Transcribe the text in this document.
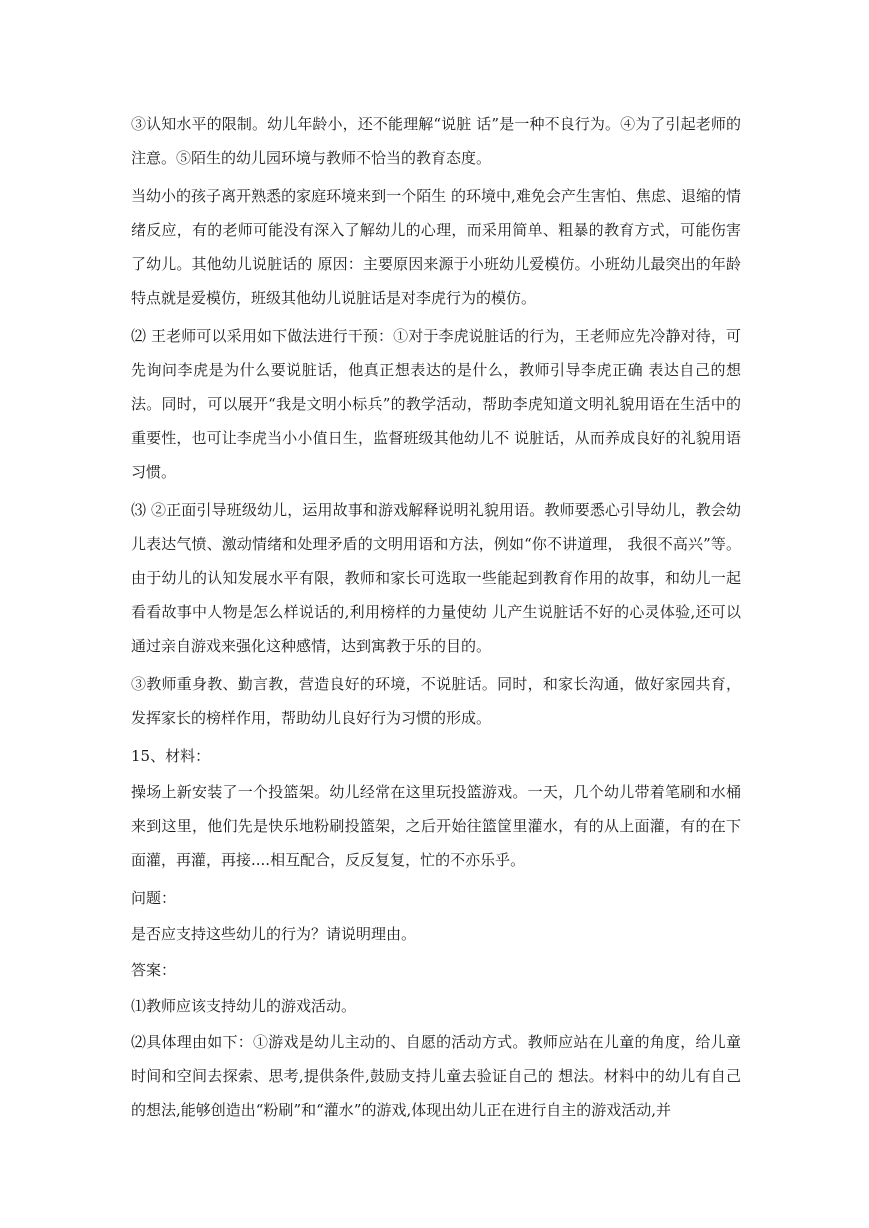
③认知水平的限制。幼儿年龄小，还不能理解“说脏 话”是一种不良行为。④为了引起老师的注意。⑤陌生的幼儿园环境与教师不恰当的教育态度。

当幼小的孩子离开熟悉的家庭环境来到一个陌生 的环境中,难免会产生害怕、焦虑、退缩的情绪反应，有的老师可能没有深入了解幼儿的心理，而采用简单、粗暴的教育方式，可能伤害了幼儿。其他幼儿说脏话的 原因：主要原因来源于小班幼儿爱模仿。小班幼儿最突出的年龄特点就是爱模仿，班级其他幼儿说脏话是对李虎行为的模仿。

⑵ 王老师可以采用如下做法进行干预：①对于李虎说脏话的行为，王老师应先冷静对待，可先询问李虎是为什么要说脏话，他真正想表达的是什么，教师引导李虎正确 表达自己的想法。同时，可以展开“我是文明小标兵”的教学活动，帮助李虎知道文明礼貌用语在生活中的重要性，也可让李虎当小小值日生，监督班级其他幼儿不 说脏话，从而养成良好的礼貌用语习惯。

⑶ ②正面引导班级幼儿，运用故事和游戏解释说明礼貌用语。教师要悉心引导幼儿，教会幼儿表达气愤、激动情绪和处理矛盾的文明用语和方法，例如“你不讲道理， 我很不高兴”等。由于幼儿的认知发展水平有限，教师和家长可选取一些能起到教育作用的故事，和幼儿一起看看故事中人物是怎么样说话的,利用榜样的力量使幼 儿产生说脏话不好的心灵体验,还可以通过亲自游戏来强化这种感情，达到寓教于乐的目的。

③教师重身教、勤言教，营造良好的环境，不说脏话。同时，和家长沟通，做好家园共育，发挥家长的榜样作用，帮助幼儿良好行为习惯的形成。

15、材料：

操场上新安装了一个投篮架。幼儿经常在这里玩投篮游戏。一天，几个幼儿带着笔刷和水桶来到这里，他们先是快乐地粉刷投篮架，之后开始往篮筐里灌水，有的从上面灌，有的在下面灌，再灌，再接....相互配合，反反复复，忙的不亦乐乎。

问题：

是否应支持这些幼儿的行为？请说明理由。

答案：

⑴教师应该支持幼儿的游戏活动。

⑵具体理由如下：①游戏是幼儿主动的、自愿的活动方式。教师应站在儿童的角度，给儿童时间和空间去探索、思考,提供条件,鼓励支持儿童去验证自己的 想法。材料中的幼儿有自己的想法,能够创造出“粉刷”和“灌水”的游戏,体现出幼儿正在进行自主的游戏活动,并
